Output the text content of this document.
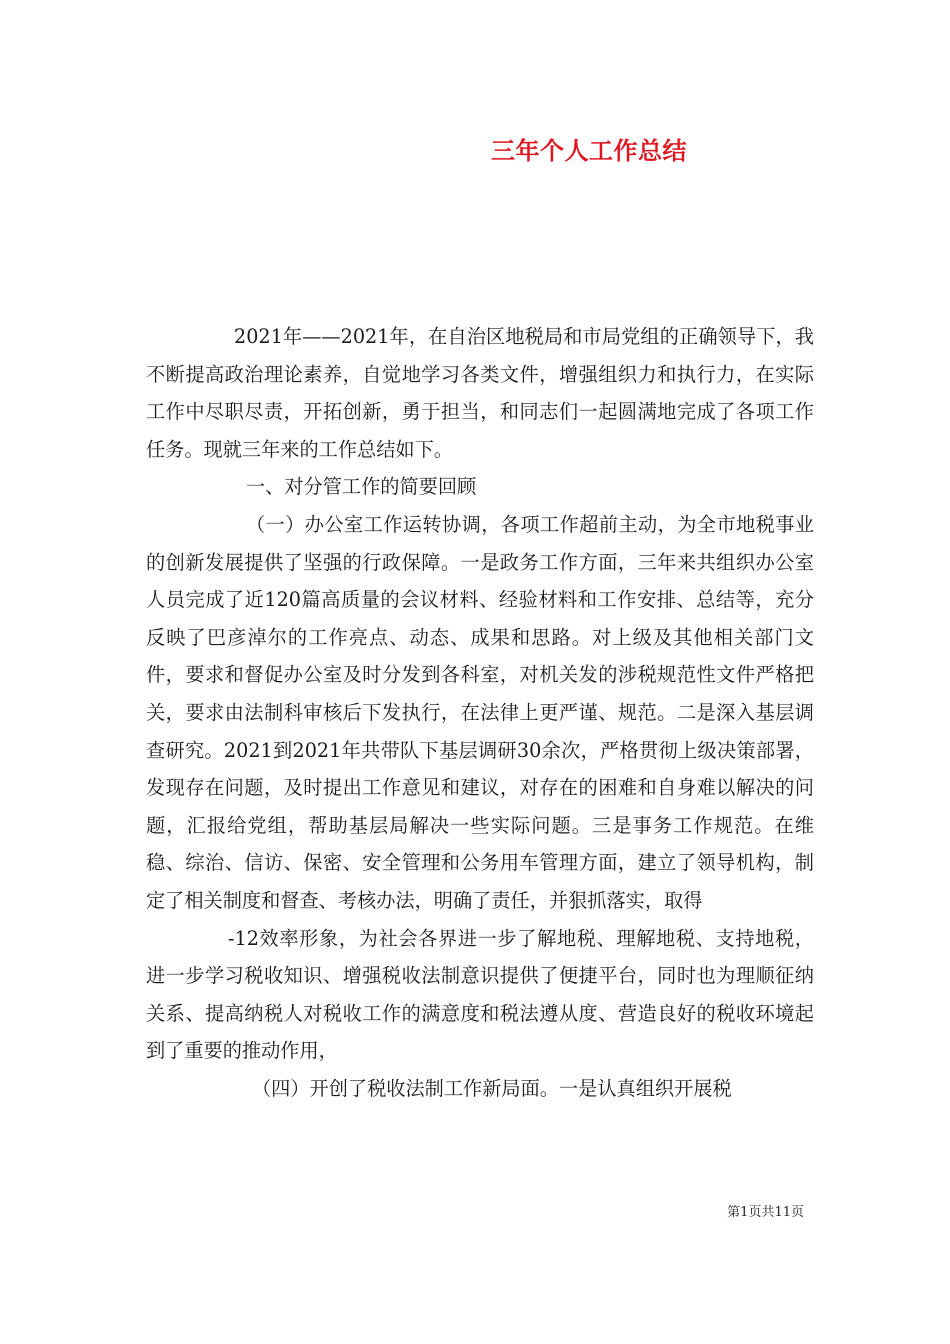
三年个人工作总结

2021年——2021年，在自治区地税局和市局党组的正确领导下，我不断提高政治理论素养，自觉地学习各类文件，增强组织力和执行力，在实际工作中尽职尽责，开拓创新，勇于担当，和同志们一起圆满地完成了各项工作任务。现就三年来的工作总结如下。

一、对分管工作的简要回顾

（一）办公室工作运转协调，各项工作超前主动，为全市地税事业的创新发展提供了坚强的行政保障。一是政务工作方面，三年来共组织办公室人员完成了近120篇高质量的会议材料、经验材料和工作安排、总结等，充分反映了巴彦淖尔的工作亮点、动态、成果和思路。对上级及其他相关部门文件，要求和督促办公室及时分发到各科室，对机关发的涉税规范性文件严格把关，要求由法制科审核后下发执行，在法律上更严谨、规范。二是深入基层调查研究。2021到2021年共带队下基层调研30余次，严格贯彻上级决策部署，发现存在问题，及时提出工作意见和建议，对存在的困难和自身难以解决的问题，汇报给党组，帮助基层局解决一些实际问题。三是事务工作规范。在维稳、综治、信访、保密、安全管理和公务用车管理方面，建立了领导机构，制定了相关制度和督查、考核办法，明确了责任，并狠抓落实，取得

-12效率形象，为社会各界进一步了解地税、理解地税、支持地税，进一步学习税收知识、增强税收法制意识提供了便捷平台，同时也为理顺征纳关系、提高纳税人对税收工作的满意度和税法遵从度、营造良好的税收环境起到了重要的推动作用，

（四）开创了税收法制工作新局面。一是认真组织开展税

第1页共11页
